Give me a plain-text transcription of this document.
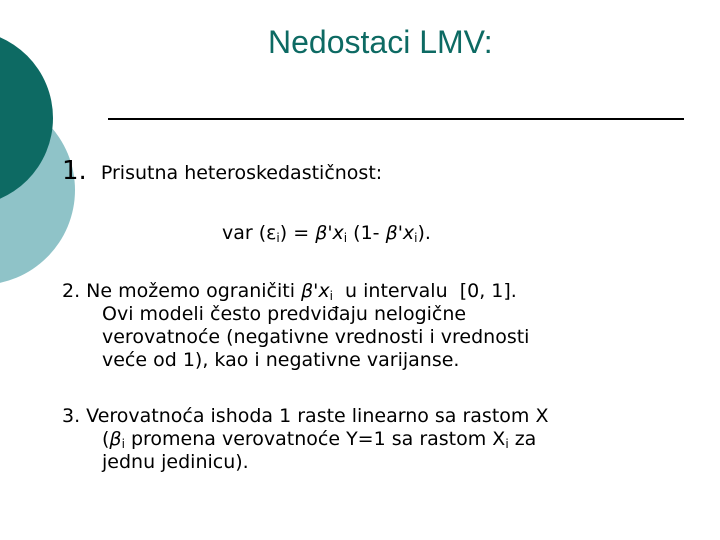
Nedostaci LMV:
1. Prisutna heteroskedastičnost:
var $(\varepsilon_i) = \beta'x_i$ (1- $\beta'x_i$).
2. Ne možemo ograničiti $\beta'x_i$  u intervalu  [0, 1].
Ovi modeli često predviđaju nelogične
verovatnoće (negativne vrednosti i vrednosti
veće od 1), kao i negativne varijanse.
3. Verovatnoća ishoda 1 raste linearno sa rastom X
($\beta_i$ promena verovatnoće Y=1 sa rastom $X_i$ za
jednu jedinicu).
